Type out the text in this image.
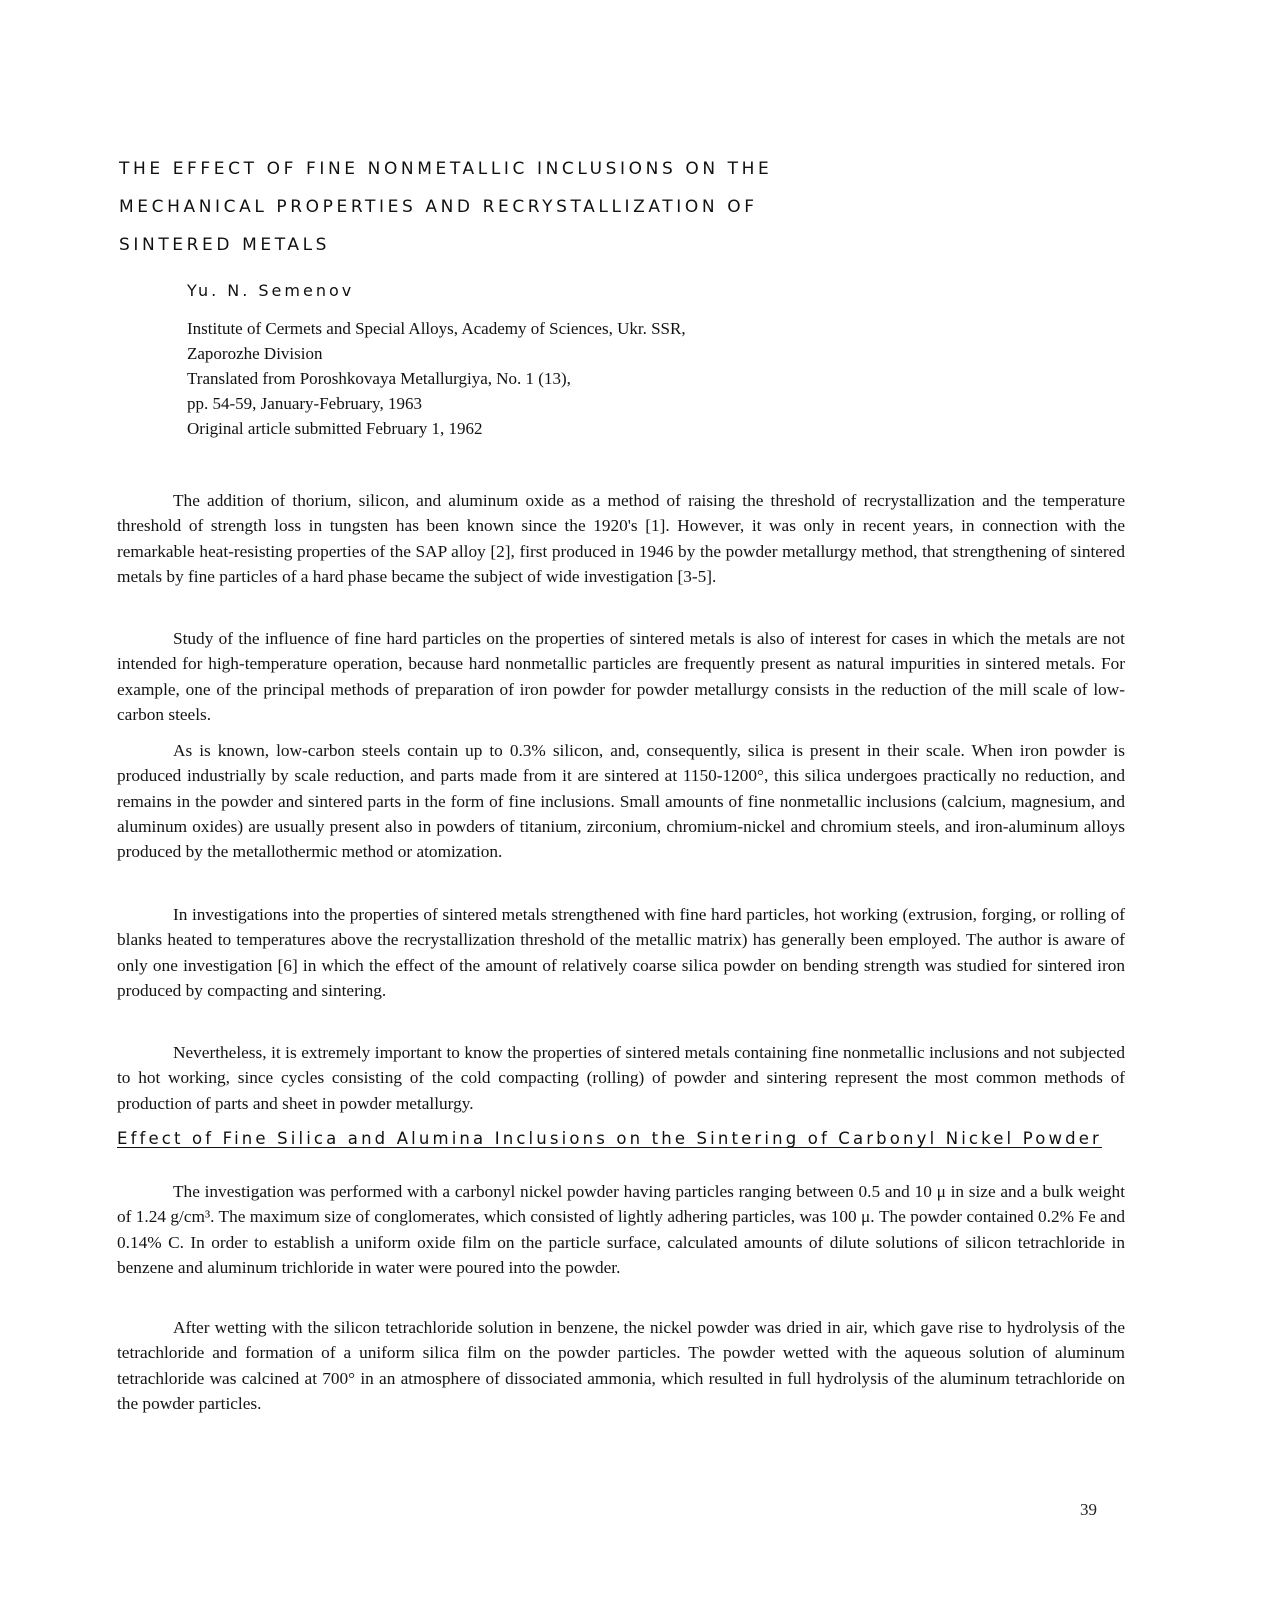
THE EFFECT OF FINE NONMETALLIC INCLUSIONS ON THE
MECHANICAL PROPERTIES AND RECRYSTALLIZATION OF
SINTERED METALS
Yu. N. Semenov
Institute of Cermets and Special Alloys, Academy of Sciences, Ukr. SSR,
Zaporozhe Division
Translated from Poroshkovaya Metallurgiya, No. 1 (13),
pp. 54-59, January-February, 1963
Original article submitted February 1, 1962

The addition of thorium, silicon, and aluminum oxide as a method of raising the threshold of recrystallization and the temperature threshold of strength loss in tungsten has been known since the 1920's [1]. However, it was only in recent years, in connection with the remarkable heat-resisting properties of the SAP alloy [2], first produced in 1946 by the powder metallurgy method, that strengthening of sintered metals by fine particles of a hard phase became the subject of wide investigation [3-5].

Study of the influence of fine hard particles on the properties of sintered metals is also of interest for cases in which the metals are not intended for high-temperature operation, because hard nonmetallic particles are frequently present as natural impurities in sintered metals. For example, one of the principal methods of preparation of iron powder for powder metallurgy consists in the reduction of the mill scale of low-carbon steels.

As is known, low-carbon steels contain up to 0.3% silicon, and, consequently, silica is present in their scale. When iron powder is produced industrially by scale reduction, and parts made from it are sintered at 1150-1200°, this silica undergoes practically no reduction, and remains in the powder and sintered parts in the form of fine inclusions. Small amounts of fine nonmetallic inclusions (calcium, magnesium, and aluminum oxides) are usually present also in powders of titanium, zirconium, chromium-nickel and chromium steels, and iron-aluminum alloys produced by the metallothermic method or atomization.

In investigations into the properties of sintered metals strengthened with fine hard particles, hot working (extrusion, forging, or rolling of blanks heated to temperatures above the recrystallization threshold of the metallic matrix) has generally been employed. The author is aware of only one investigation [6] in which the effect of the amount of relatively coarse silica powder on bending strength was studied for sintered iron produced by compacting and sintering.

Nevertheless, it is extremely important to know the properties of sintered metals containing fine nonmetallic inclusions and not subjected to hot working, since cycles consisting of the cold compacting (rolling) of powder and sintering represent the most common methods of production of parts and sheet in powder metallurgy.

Effect of Fine Silica and Alumina Inclusions on the Sintering of Carbonyl Nickel Powder

The investigation was performed with a carbonyl nickel powder having particles ranging between 0.5 and 10 μ in size and a bulk weight of 1.24 g/cm³. The maximum size of conglomerates, which consisted of lightly adhering particles, was 100 μ. The powder contained 0.2% Fe and 0.14% C. In order to establish a uniform oxide film on the particle surface, calculated amounts of dilute solutions of silicon tetrachloride in benzene and aluminum trichloride in water were poured into the powder.

After wetting with the silicon tetrachloride solution in benzene, the nickel powder was dried in air, which gave rise to hydrolysis of the tetrachloride and formation of a uniform silica film on the powder particles. The powder wetted with the aqueous solution of aluminum tetrachloride was calcined at 700° in an atmosphere of dissociated ammonia, which resulted in full hydrolysis of the aluminum tetrachloride on the powder particles.

39
